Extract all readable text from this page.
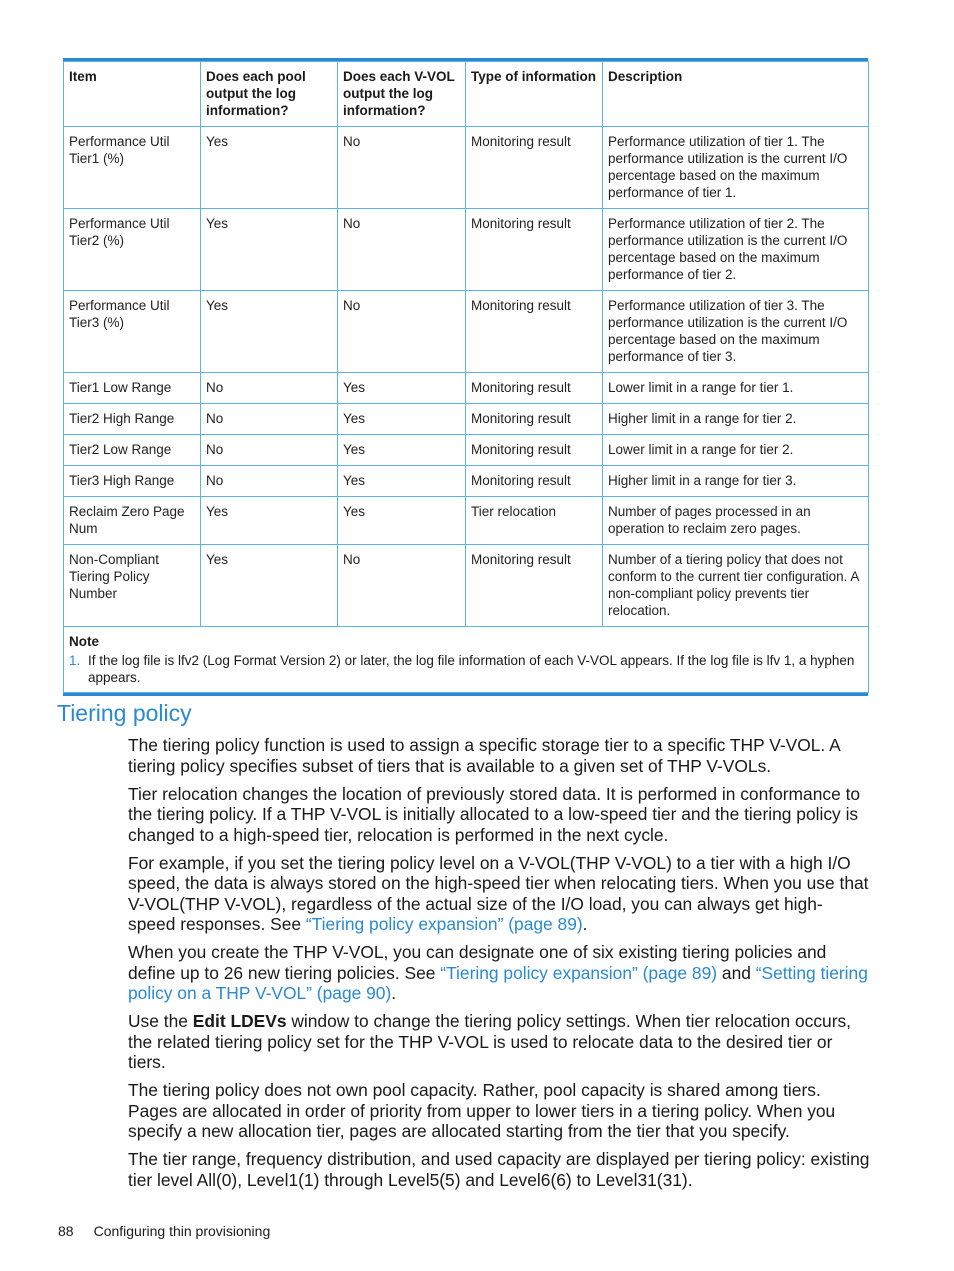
Item	Does each pool output the log information?	Does each V-VOL output the log information?	Type of information	Description
Performance Util Tier1 (%)	Yes	No	Monitoring result	Performance utilization of tier 1. The performance utilization is the current I/O percentage based on the maximum performance of tier 1.
Performance Util Tier2 (%)	Yes	No	Monitoring result	Performance utilization of tier 2. The performance utilization is the current I/O percentage based on the maximum performance of tier 2.
Performance Util Tier3 (%)	Yes	No	Monitoring result	Performance utilization of tier 3. The performance utilization is the current I/O percentage based on the maximum performance of tier 3.
Tier1 Low Range	No	Yes	Monitoring result	Lower limit in a range for tier 1.
Tier2 High Range	No	Yes	Monitoring result	Higher limit in a range for tier 2.
Tier2 Low Range	No	Yes	Monitoring result	Lower limit in a range for tier 2.
Tier3 High Range	No	Yes	Monitoring result	Higher limit in a range for tier 3.
Reclaim Zero Page Num	Yes	Yes	Tier relocation	Number of pages processed in an operation to reclaim zero pages.
Non-Compliant Tiering Policy Number	Yes	No	Monitoring result	Number of a tiering policy that does not conform to the current tier configuration. A non-compliant policy prevents tier relocation.

Note
1. If the log file is lfv2 (Log Format Version 2) or later, the log file information of each V-VOL appears. If the log file is lfv 1, a hyphen appears.				
Tiering policy

The tiering policy function is used to assign a specific storage tier to a specific THP V-VOL. A tiering policy specifies subset of tiers that is available to a given set of THP V-VOLs.

Tier relocation changes the location of previously stored data. It is performed in conformance to the tiering policy. If a THP V-VOL is initially allocated to a low-speed tier and the tiering policy is changed to a high-speed tier, relocation is performed in the next cycle.

For example, if you set the tiering policy level on a V-VOL(THP V-VOL) to a tier with a high I/O speed, the data is always stored on the high-speed tier when relocating tiers. When you use that V-VOL(THP V-VOL), regardless of the actual size of the I/O load, you can always get high-speed responses. See “Tiering policy expansion” (page 89).

When you create the THP V-VOL, you can designate one of six existing tiering policies and define up to 26 new tiering policies. See “Tiering policy expansion” (page 89) and “Setting tiering policy on a THP V-VOL” (page 90).

Use the Edit LDEVs window to change the tiering policy settings. When tier relocation occurs, the related tiering policy set for the THP V-VOL is used to relocate data to the desired tier or tiers.

The tiering policy does not own pool capacity. Rather, pool capacity is shared among tiers. Pages are allocated in order of priority from upper to lower tiers in a tiering policy. When you specify a new allocation tier, pages are allocated starting from the tier that you specify.

The tier range, frequency distribution, and used capacity are displayed per tiering policy: existing tier level All(0), Level1(1) through Level5(5) and Level6(6) to Level31(31).

88 Configuring thin provisioning
